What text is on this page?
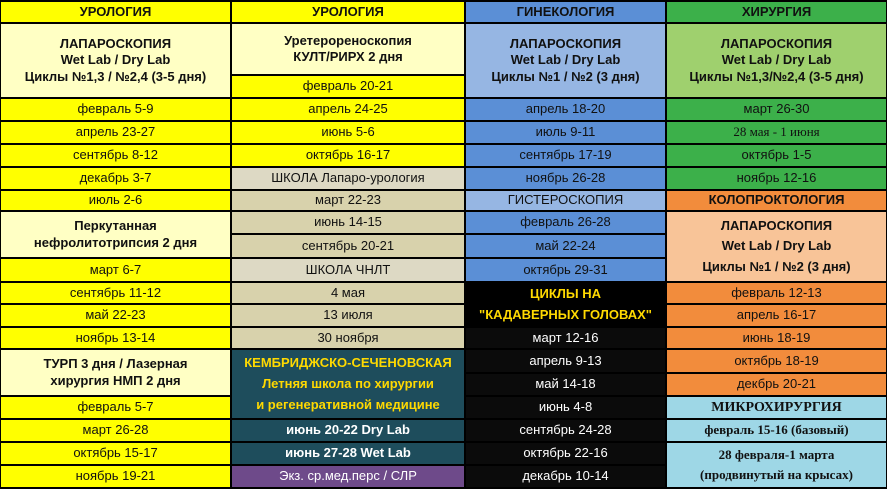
УРОЛОГИЯ
ЛАПАРОСКОПИЯ
Wet Lab / Dry Lab
Циклы №1,3 / №2,4 (3-5 дня)
февраль 5-9
апрель 23-27
сентябрь 8-12
декабрь 3-7
июль 2-6
Перкутанная
нефролитотрипсия 2 дня
март 6-7
сентябрь 11-12
май 22-23
ноябрь 13-14
ТУРП 3 дня / Лазерная
хирургия НМП 2 дня
февраль 5-7
март 26-28
октябрь 15-17
ноябрь 19-21
УРОЛОГИЯ
Уретерореноскопия
КУЛТ/РИРХ 2 дня
февраль 20-21
апрель 24-25
июнь 5-6
октябрь 16-17
ШКОЛА Лапаро-урология
март 22-23
июнь 14-15
сентябрь 20-21
ШКОЛА ЧНЛТ
4 мая
13 июля
30 ноября
КЕМБРИДЖСКО-СЕЧЕНОВСКАЯ
Летняя школа по хирургии
и регенеративной медицине
июнь 20-22 Dry Lab
июнь 27-28 Wet Lab
Экз. ср.мед.перс / СЛР
ГИНЕКОЛОГИЯ
ЛАПАРОСКОПИЯ
Wet Lab / Dry Lab
Циклы №1 / №2 (3 дня)
апрель 18-20
июль 9-11
сентябрь 17-19
ноябрь 26-28
ГИСТЕРОСКОПИЯ
февраль 26-28
май 22-24
октябрь 29-31
ЦИКЛЫ НА
"КАДАВЕРНЫХ ГОЛОВАХ"
март 12-16
апрель 9-13
май 14-18
июнь 4-8
сентябрь 24-28
октябрь 22-16
декабрь 10-14
ХИРУРГИЯ
ЛАПАРОСКОПИЯ
Wet Lab / Dry Lab
Циклы №1,3/№2,4 (3-5 дня)
март 26-30
28 мая - 1 июня
октябрь 1-5
ноябрь 12-16
КОЛОПРОКТОЛОГИЯ
ЛАПАРОСКОПИЯ
Wet Lab / Dry Lab
Циклы №1 / №2 (3 дня)
февраль 12-13
апрель 16-17
июнь 18-19
октябрь 18-19
декбрь 20-21
МИКРОХИРУРГИЯ
февраль 15-16 (базовый)
28 февраля-1 марта
(продвинутый на крысах)
